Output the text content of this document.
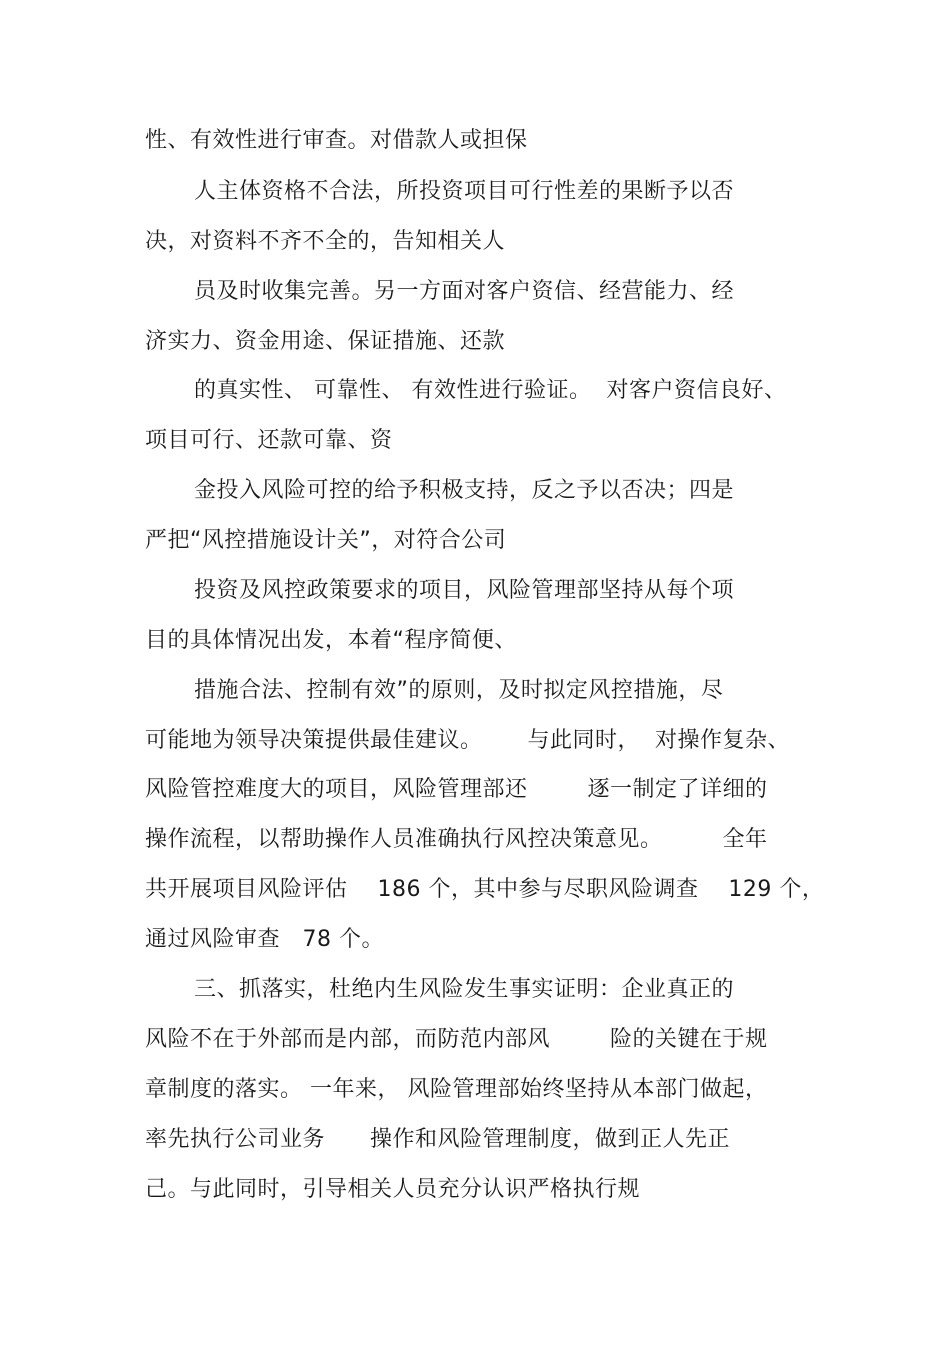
性、有效性进行审查。对借款人或担保
人主体资格不合法，所投资项目可行性差的果断予以否
决，对资料不齐不全的，告知相关人
员及时收集完善。另一方面对客户资信、经营能力、经
济实力、资金用途、保证措施、还款
的真实性、 可靠性、 有效性进行验证。  对客户资信良好、
项目可行、还款可靠、资
金投入风险可控的给予积极支持，反之予以否决；四是
严把“风控措施设计关”，对符合公司
投资及风控政策要求的项目，风险管理部坚持从每个项
目的具体情况出发，本着“程序简便、
措施合法、控制有效”的原则，及时拟定风控措施，尽
可能地为领导决策提供最佳建议。      与此同时，  对操作复杂、
风险管控难度大的项目，风险管理部还        逐一制定了详细的
操作流程，以帮助操作人员准确执行风控决策意见。        全年
共开展项目风险评估    186 个，其中参与尽职风险调查    129 个，
通过风险审查   78 个。
三、抓落实，杜绝内生风险发生事实证明：企业真正的
风险不在于外部而是内部，而防范内部风        险的关键在于规
章制度的落实。 一年来， 风险管理部始终坚持从本部门做起，
率先执行公司业务      操作和风险管理制度，做到正人先正
己。与此同时，引导相关人员充分认识严格执行规
